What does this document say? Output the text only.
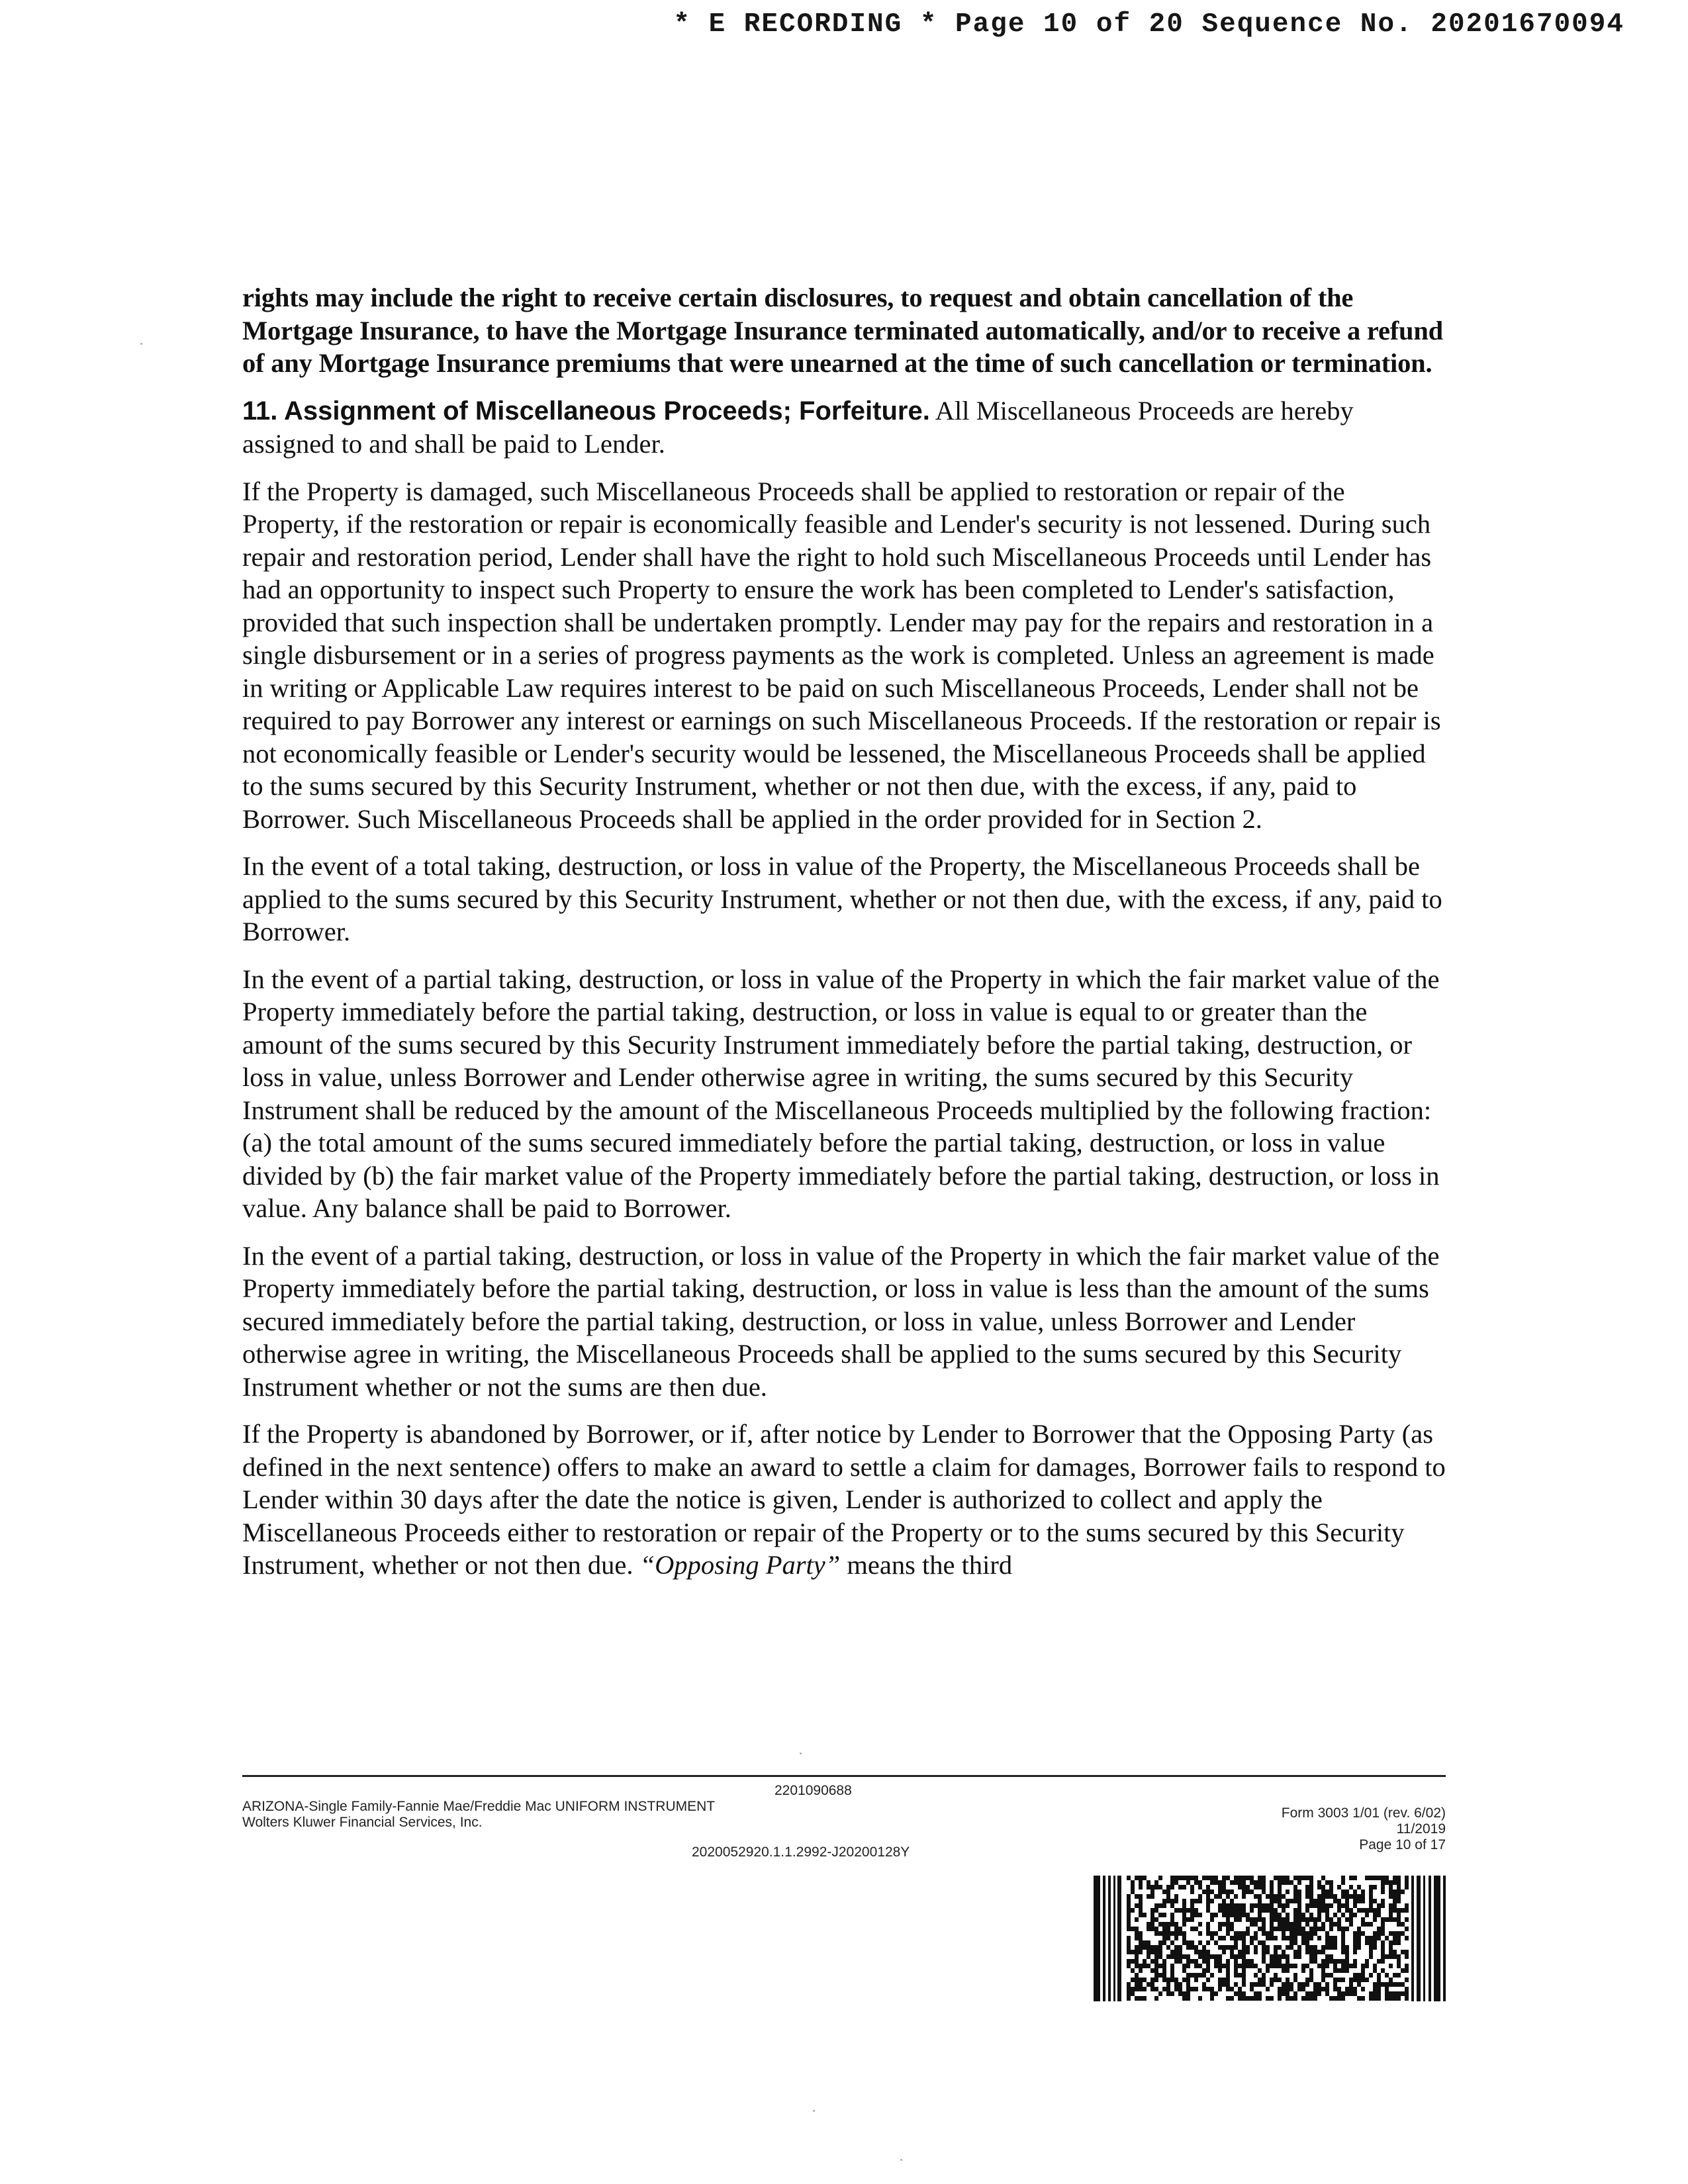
* E RECORDING * Page 10 of 20 Sequence No. 20201670094

rights may include the right to receive certain disclosures, to request and obtain cancellation of the Mortgage Insurance, to have the Mortgage Insurance terminated automatically, and/or to receive a refund of any Mortgage Insurance premiums that were unearned at the time of such cancellation or termination.

11. Assignment of Miscellaneous Proceeds; Forfeiture. All Miscellaneous Proceeds are hereby assigned to and shall be paid to Lender.

If the Property is damaged, such Miscellaneous Proceeds shall be applied to restoration or repair of the Property, if the restoration or repair is economically feasible and Lender's security is not lessened. During such repair and restoration period, Lender shall have the right to hold such Miscellaneous Proceeds until Lender has had an opportunity to inspect such Property to ensure the work has been completed to Lender's satisfaction, provided that such inspection shall be undertaken promptly. Lender may pay for the repairs and restoration in a single disbursement or in a series of progress payments as the work is completed. Unless an agreement is made in writing or Applicable Law requires interest to be paid on such Miscellaneous Proceeds, Lender shall not be required to pay Borrower any interest or earnings on such Miscellaneous Proceeds. If the restoration or repair is not economically feasible or Lender's security would be lessened, the Miscellaneous Proceeds shall be applied to the sums secured by this Security Instrument, whether or not then due, with the excess, if any, paid to Borrower. Such Miscellaneous Proceeds shall be applied in the order provided for in Section 2.

In the event of a total taking, destruction, or loss in value of the Property, the Miscellaneous Proceeds shall be applied to the sums secured by this Security Instrument, whether or not then due, with the excess, if any, paid to Borrower.

In the event of a partial taking, destruction, or loss in value of the Property in which the fair market value of the Property immediately before the partial taking, destruction, or loss in value is equal to or greater than the amount of the sums secured by this Security Instrument immediately before the partial taking, destruction, or loss in value, unless Borrower and Lender otherwise agree in writing, the sums secured by this Security Instrument shall be reduced by the amount of the Miscellaneous Proceeds multiplied by the following fraction: (a) the total amount of the sums secured immediately before the partial taking, destruction, or loss in value divided by (b) the fair market value of the Property immediately before the partial taking, destruction, or loss in value. Any balance shall be paid to Borrower.

In the event of a partial taking, destruction, or loss in value of the Property in which the fair market value of the Property immediately before the partial taking, destruction, or loss in value is less than the amount of the sums secured immediately before the partial taking, destruction, or loss in value, unless Borrower and Lender otherwise agree in writing, the Miscellaneous Proceeds shall be applied to the sums secured by this Security Instrument whether or not the sums are then due.

If the Property is abandoned by Borrower, or if, after notice by Lender to Borrower that the Opposing Party (as defined in the next sentence) offers to make an award to settle a claim for damages, Borrower fails to respond to Lender within 30 days after the date the notice is given, Lender is authorized to collect and apply the Miscellaneous Proceeds either to restoration or repair of the Property or to the sums secured by this Security Instrument, whether or not then due. “Opposing Party” means the third

2201090688
ARIZONA-Single Family-Fannie Mae/Freddie Mac UNIFORM INSTRUMENT
Wolters Kluwer Financial Services, Inc.
2020052920.1.1.2992-J20200128Y
Form 3003 1/01 (rev. 6/02)
11/2019
Page 10 of 17
